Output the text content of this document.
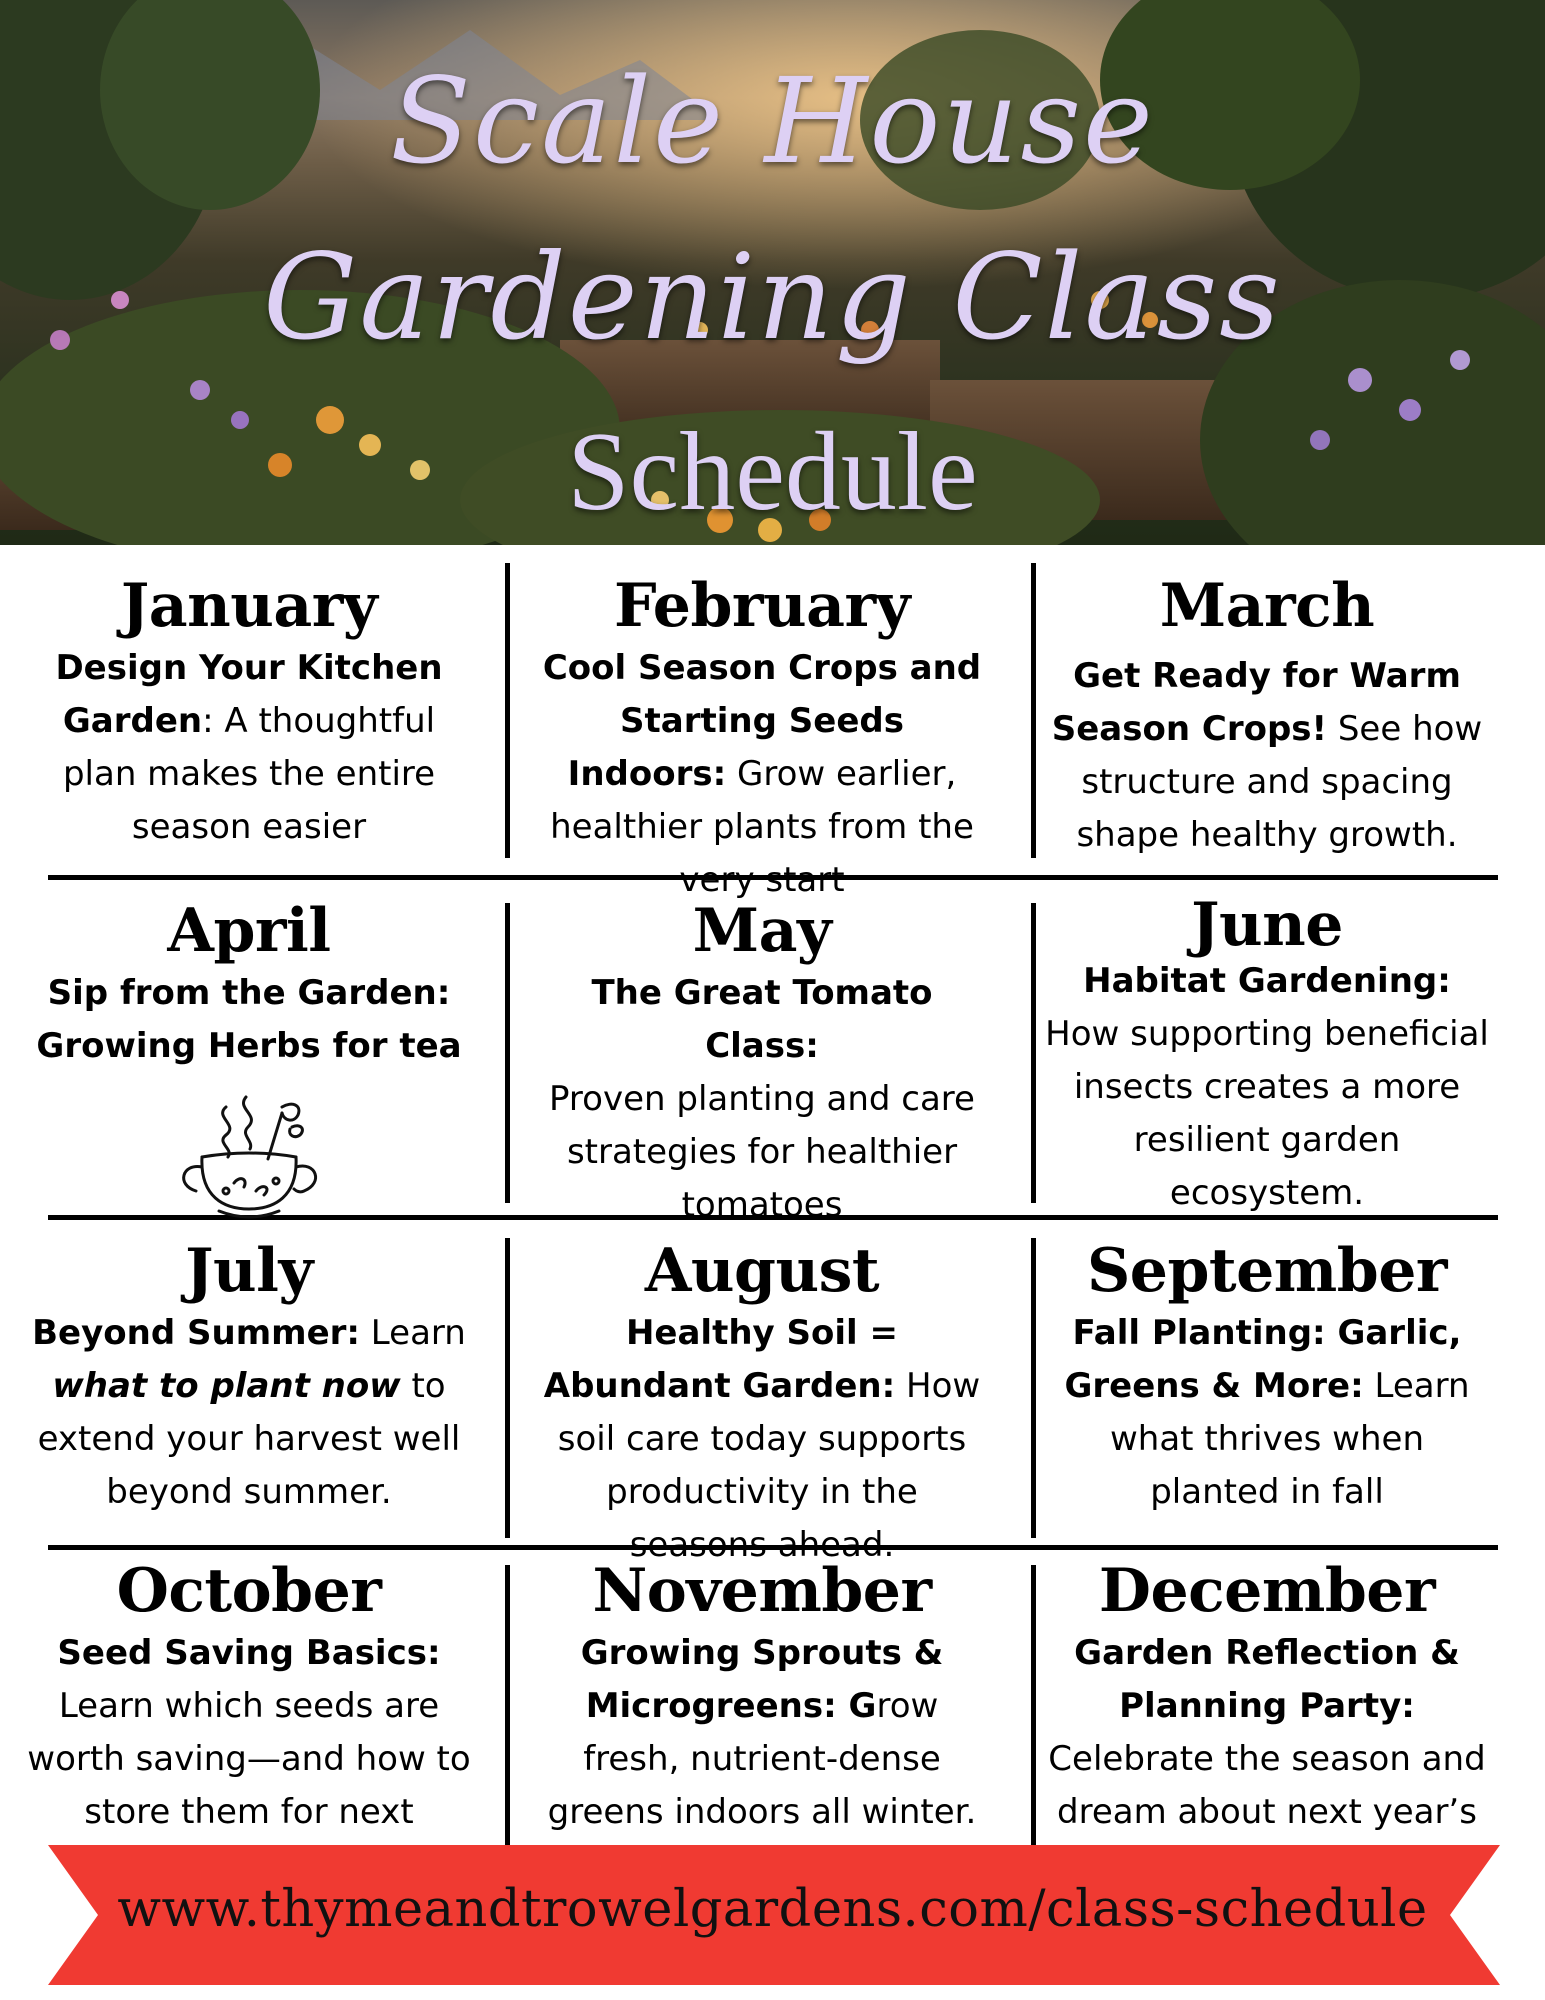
Scale House
Gardening Class
Schedule
January
Design Your Kitchen Garden: A thoughtful plan makes the entire season easier
February
Cool Season Crops and Starting Seeds Indoors: Grow earlier, healthier plants from the very start
March
Get Ready for Warm Season Crops! See how structure and spacing shape healthy growth.
April
Sip from the Garden: Growing Herbs for tea
May
The Great Tomato Class:
Proven planting and care strategies for healthier tomatoes
June
Habitat Gardening: How supporting beneficial insects creates a more resilient garden ecosystem.
July
Beyond Summer: Learn what to plant now to extend your harvest well beyond summer.
August
Healthy Soil = Abundant Garden: How soil care today supports productivity in the seasons ahead.
September
Fall Planting: Garlic, Greens & More: Learn what thrives when planted in fall
October
Seed Saving Basics: Learn which seeds are worth saving—and how to store them for next
November
Growing Sprouts & Microgreens: Grow fresh, nutrient-dense greens indoors all winter.
December
Garden Reflection & Planning Party: Celebrate the season and dream about next year’s
www.thymeandtrowelgardens.com/class-schedule
